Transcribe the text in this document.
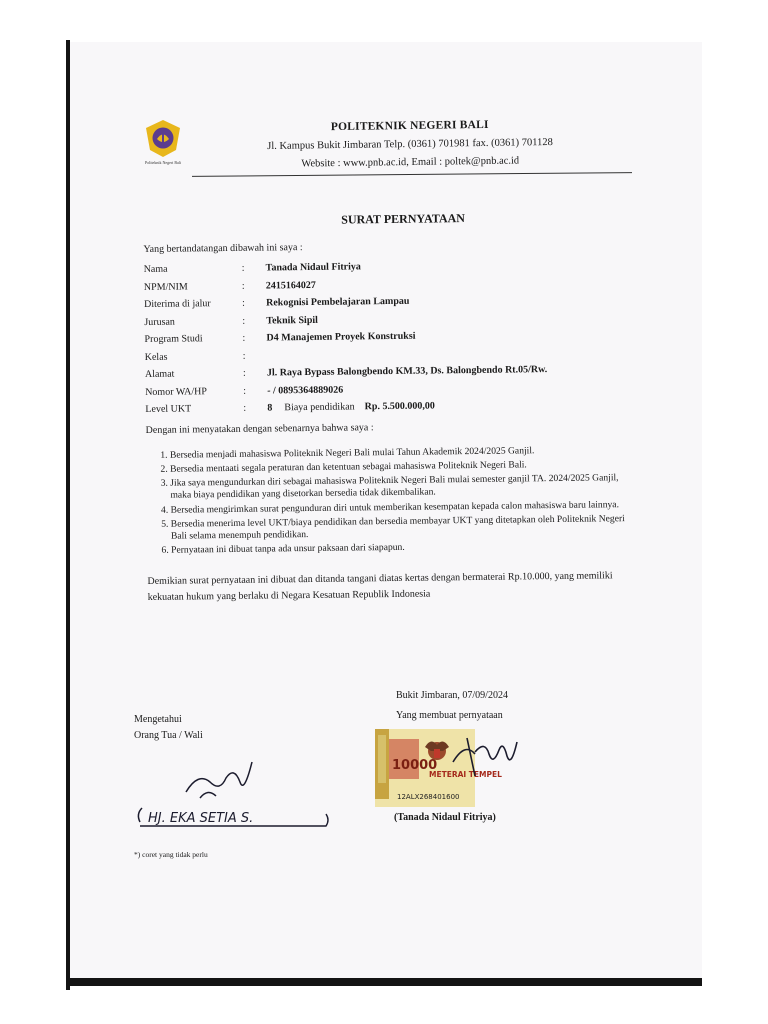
Politeknik Negeri Bali
POLITEKNIK NEGERI BALI
Jl. Kampus Bukit Jimbaran Telp. (0361) 701981 fax. (0361) 701128
Website : www.pnb.ac.id, Email : poltek@pnb.ac.id
SURAT PERNYATAAN
Yang bertandatangan dibawah ini saya :
Nama	:	Tanada Nidaul Fitriya
NPM/NIM	:	2415164027
Diterima di jalur	:	Rekognisi Pembelajaran Lampau
Jurusan	:	Teknik Sipil
Program Studi	:	D4 Manajemen Proyek Konstruksi
Kelas	:
Alamat	:	Jl. Raya Bypass Balongbendo KM.33, Ds. Balongbendo Rt.05/Rw.
Nomor WA/HP	:	- / 0895364889026
Level UKT	:	8 Biaya pendidikan Rp. 5.500.000,00
Dengan ini menyatakan dengan sebenarnya bahwa saya :
1. Bersedia menjadi mahasiswa Politeknik Negeri Bali mulai Tahun Akademik 2024/2025 Ganjil.
2. Bersedia mentaati segala peraturan dan ketentuan sebagai mahasiswa Politeknik Negeri Bali.
3. Jika saya mengundurkan diri sebagai mahasiswa Politeknik Negeri Bali mulai semester ganjil TA. 2024/2025 Ganjil, maka biaya pendidikan yang disetorkan bersedia tidak dikembalikan.
4. Bersedia mengirimkan surat pengunduran diri untuk memberikan kesempatan kepada calon mahasiswa baru lainnya.
5. Bersedia menerima level UKT/biaya pendidikan dan bersedia membayar UKT yang ditetapkan oleh Politeknik Negeri Bali selama menempuh pendidikan.
6. Pernyataan ini dibuat tanpa ada unsur paksaan dari siapapun.
Demikian surat pernyataan ini dibuat dan ditanda tangani diatas kertas dengan bermaterai Rp.10.000, yang memiliki kekuatan hukum yang berlaku di Negara Kesatuan Republik Indonesia
Bukit Jimbaran, 07/09/2024
Yang membuat pernyataan
Mengetahui
Orang Tua / Wali
10000
METERAI TEMPEL
12ALX268401600
HJ. EKA SETIA S.	(Tanada Nidaul Fitriya)
*) coret yang tidak perlu
